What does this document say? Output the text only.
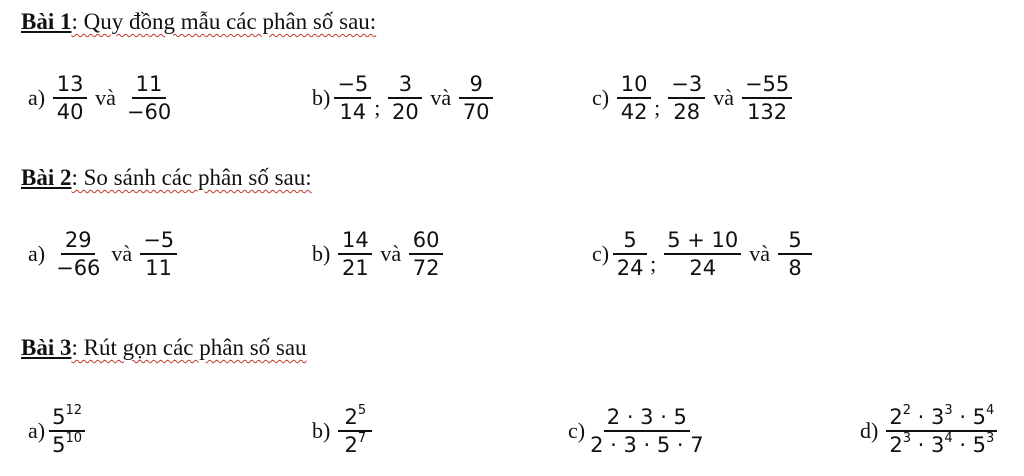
Bài 1: Quy đồng mẫu các phân số sau:
$a) \frac{13}{40}$ và $\frac{11}{-60}$	$b) \frac{-5}{14}$ ; $\frac{3}{20}$ và $\frac{9}{70}$	$c) \frac{10}{42}$ ; $\frac{-3}{28}$ và $\frac{-55}{132}$
Bài 2: So sánh các phân số sau:
$a) \frac{29}{-66}$ và $\frac{-5}{11}$	$b) \frac{14}{21}$ và $\frac{60}{72}$	$c) \frac{5}{24}$ ; $\frac{5 + 10}{24}$ và $\frac{5}{8}$
Bài 3: Rút gọn các phân số sau
$a) \frac{5^{12}}{5^{10}}$	$b) \frac{2^5}{2^7}$	$c) \frac{2 \cdot 3 \cdot 5}{2 \cdot 3 \cdot 5 \cdot 7}$	$d) \frac{2^2 \cdot 3^3 \cdot 5^4}{2^3 \cdot 3^4 \cdot 5^3}$
